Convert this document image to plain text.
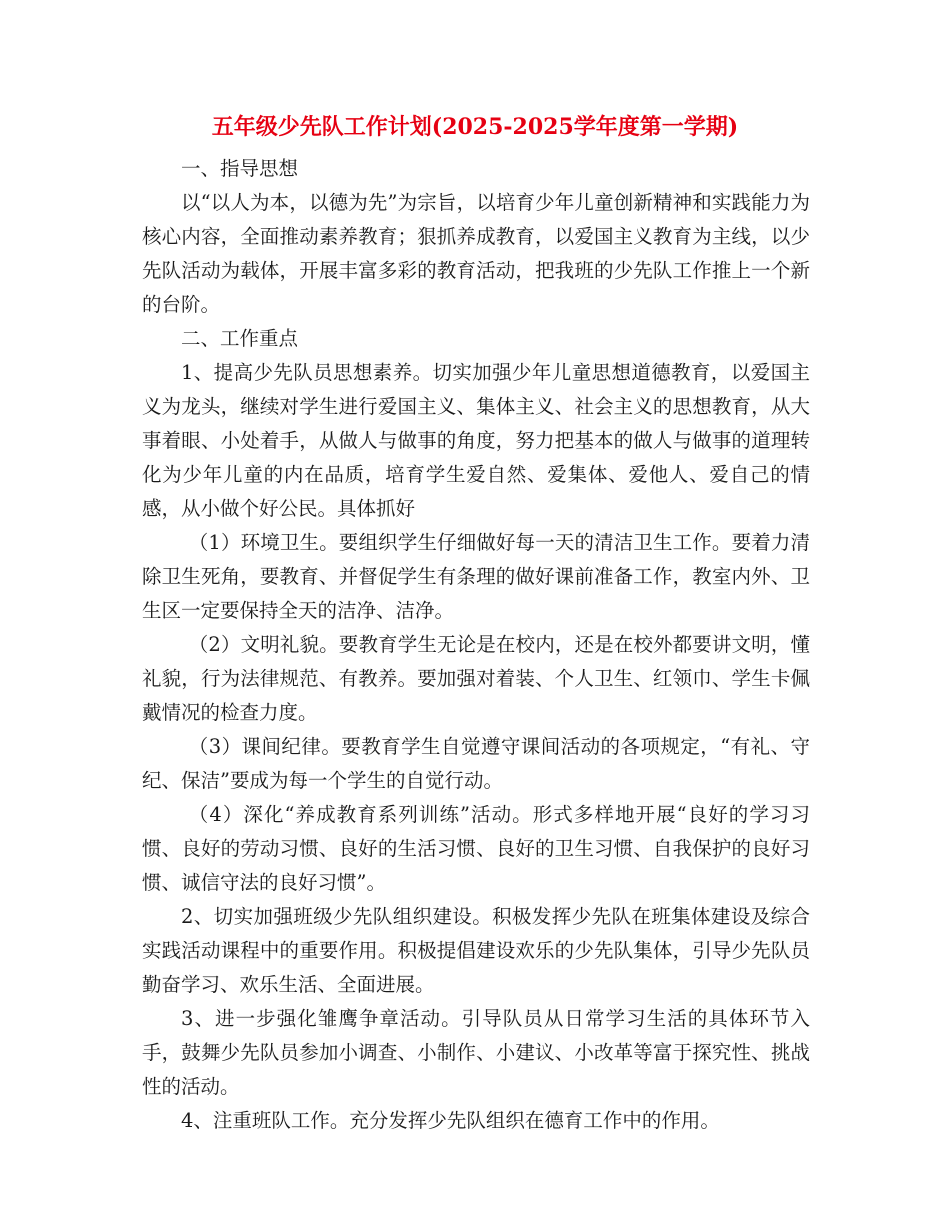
五年级少先队工作计划(2025-2025学年度第一学期)

一、指导思想

以“以人为本，以德为先”为宗旨，以培育少年儿童创新精神和实践能力为核心内容，全面推动素养教育；狠抓养成教育，以爱国主义教育为主线，以少先队活动为载体，开展丰富多彩的教育活动，把我班的少先队工作推上一个新的台阶。

二、工作重点

1、提高少先队员思想素养。切实加强少年儿童思想道德教育，以爱国主义为龙头，继续对学生进行爱国主义、集体主义、社会主义的思想教育，从大事着眼、小处着手，从做人与做事的角度，努力把基本的做人与做事的道理转化为少年儿童的内在品质，培育学生爱自然、爱集体、爱他人、爱自己的情感，从小做个好公民。具体抓好

（1）环境卫生。要组织学生仔细做好每一天的清洁卫生工作。要着力清除卫生死角，要教育、并督促学生有条理的做好课前准备工作，教室内外、卫生区一定要保持全天的洁净、洁净。

（2）文明礼貌。要教育学生无论是在校内，还是在校外都要讲文明，懂礼貌，行为法律规范、有教养。要加强对着装、个人卫生、红领巾、学生卡佩戴情况的检查力度。

（3）课间纪律。要教育学生自觉遵守课间活动的各项规定，“有礼、守纪、保洁”要成为每一个学生的自觉行动。

（4）深化“养成教育系列训练”活动。形式多样地开展“良好的学习习惯、良好的劳动习惯、良好的生活习惯、良好的卫生习惯、自我保护的良好习惯、诚信守法的良好习惯”。

2、切实加强班级少先队组织建设。积极发挥少先队在班集体建设及综合实践活动课程中的重要作用。积极提倡建设欢乐的少先队集体，引导少先队员勤奋学习、欢乐生活、全面进展。

3、进一步强化雏鹰争章活动。引导队员从日常学习生活的具体环节入手，鼓舞少先队员参加小调查、小制作、小建议、小改革等富于探究性、挑战性的活动。

4、注重班队工作。充分发挥少先队组织在德育工作中的作用。
